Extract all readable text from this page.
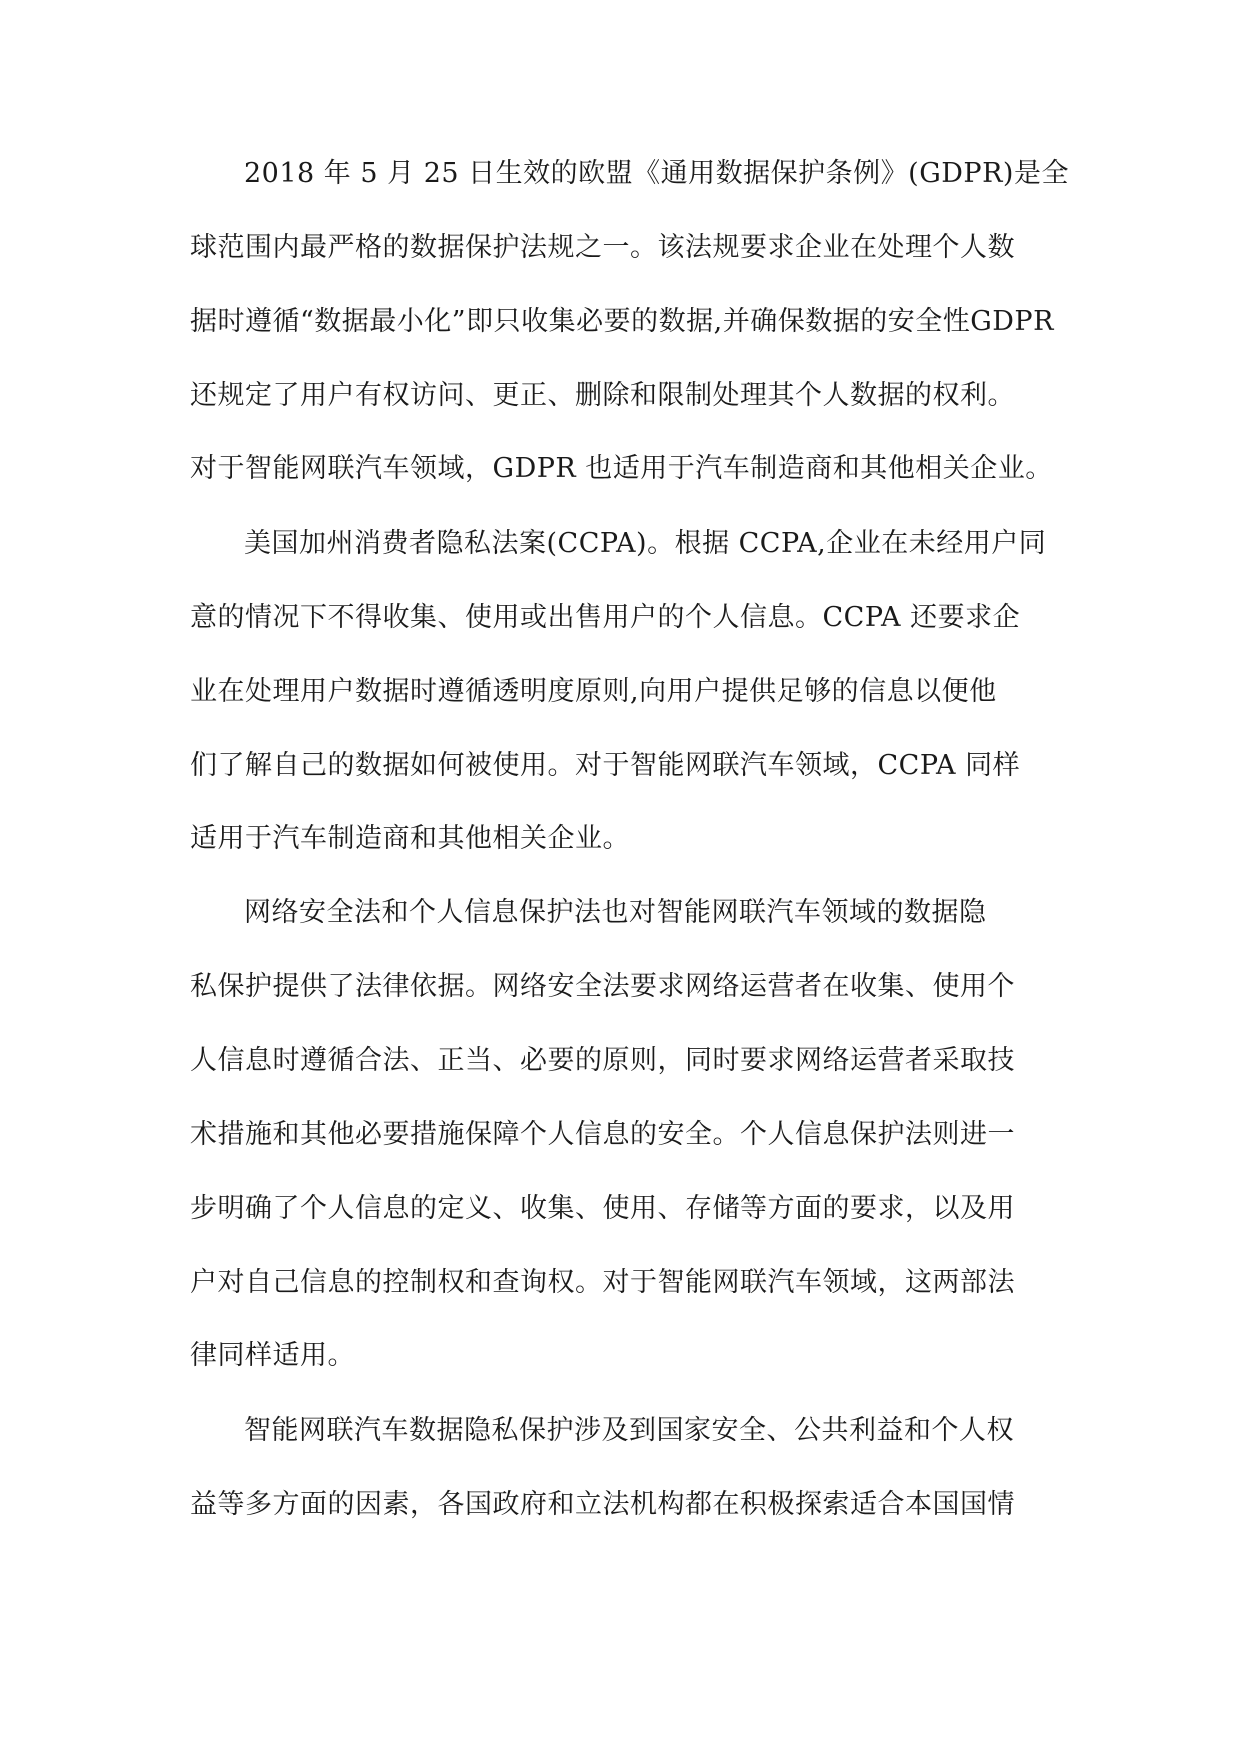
2018 年 5 月 25 日生效的欧盟《通用数据保护条例》(GDPR)是全
球范围内最严格的数据保护法规之一。该法规要求企业在处理个人数
据时遵循“数据最小化”即只收集必要的数据,并确保数据的安全性GDPR
还规定了用户有权访问、更正、删除和限制处理其个人数据的权利。
对于智能网联汽车领域，GDPR 也适用于汽车制造商和其他相关企业。
美国加州消费者隐私法案(CCPA)。根据 CCPA,企业在未经用户同
意的情况下不得收集、使用或出售用户的个人信息。CCPA 还要求企
业在处理用户数据时遵循透明度原则,向用户提供足够的信息以便他
们了解自己的数据如何被使用。对于智能网联汽车领域，CCPA 同样
适用于汽车制造商和其他相关企业。
网络安全法和个人信息保护法也对智能网联汽车领域的数据隐
私保护提供了法律依据。网络安全法要求网络运营者在收集、使用个
人信息时遵循合法、正当、必要的原则，同时要求网络运营者采取技
术措施和其他必要措施保障个人信息的安全。个人信息保护法则进一
步明确了个人信息的定义、收集、使用、存储等方面的要求，以及用
户对自己信息的控制权和查询权。对于智能网联汽车领域，这两部法
律同样适用。
智能网联汽车数据隐私保护涉及到国家安全、公共利益和个人权
益等多方面的因素，各国政府和立法机构都在积极探索适合本国国情
